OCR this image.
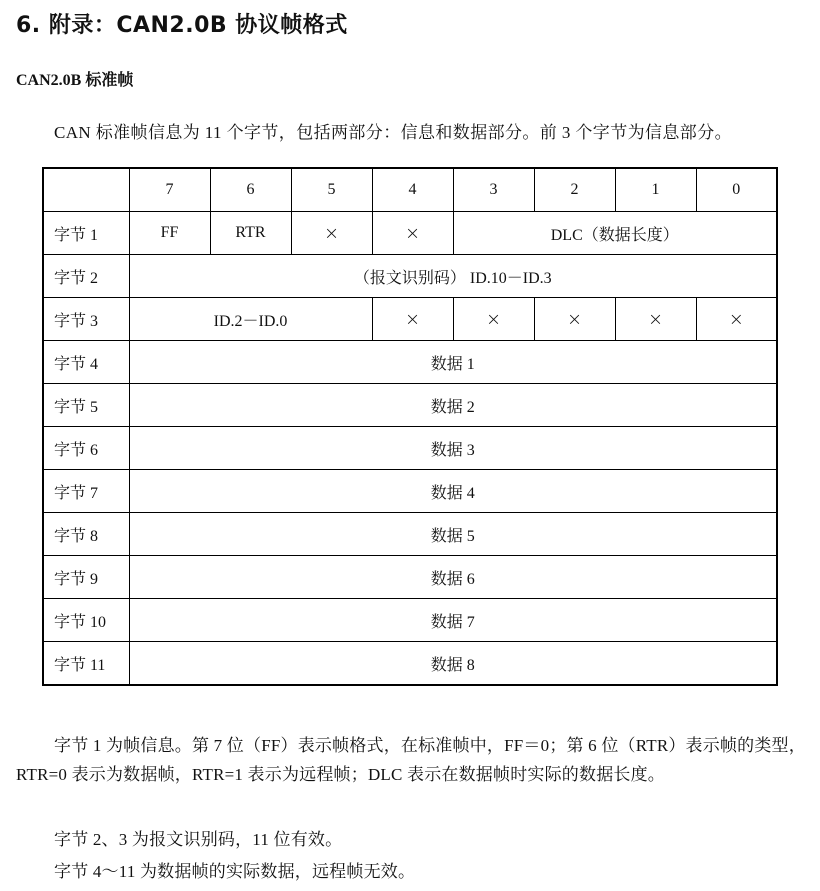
6. 附录：CAN2.0B 协议帧格式
CAN2.0B 标准帧
CAN 标准帧信息为 11 个字节，包括两部分：信息和数据部分。前 3 个字节为信息部分。
	7	6	5	4	3	2	1	0
字节 1	FF	RTR	×	×	DLC（数据长度）			
字节 2	（报文识别码） ID.10－ID.3							
字节 3	ID.2－ID.0			×	×	×	×	×
字节 4	数据 1							
字节 5	数据 2							
字节 6	数据 3							
字节 7	数据 4							
字节 8	数据 5							
字节 9	数据 6							
字节 10	数据 7							
字节 11	数据 8							

字节 1 为帧信息。第 7 位（FF）表示帧格式，在标准帧中，FF＝0；第 6 位（RTR）表示帧的类型，RTR=0 表示为数据帧，RTR=1 表示为远程帧；DLC 表示在数据帧时实际的数据长度。

字节 2、3 为报文识别码，11 位有效。

字节 4～11 为数据帧的实际数据，远程帧无效。
